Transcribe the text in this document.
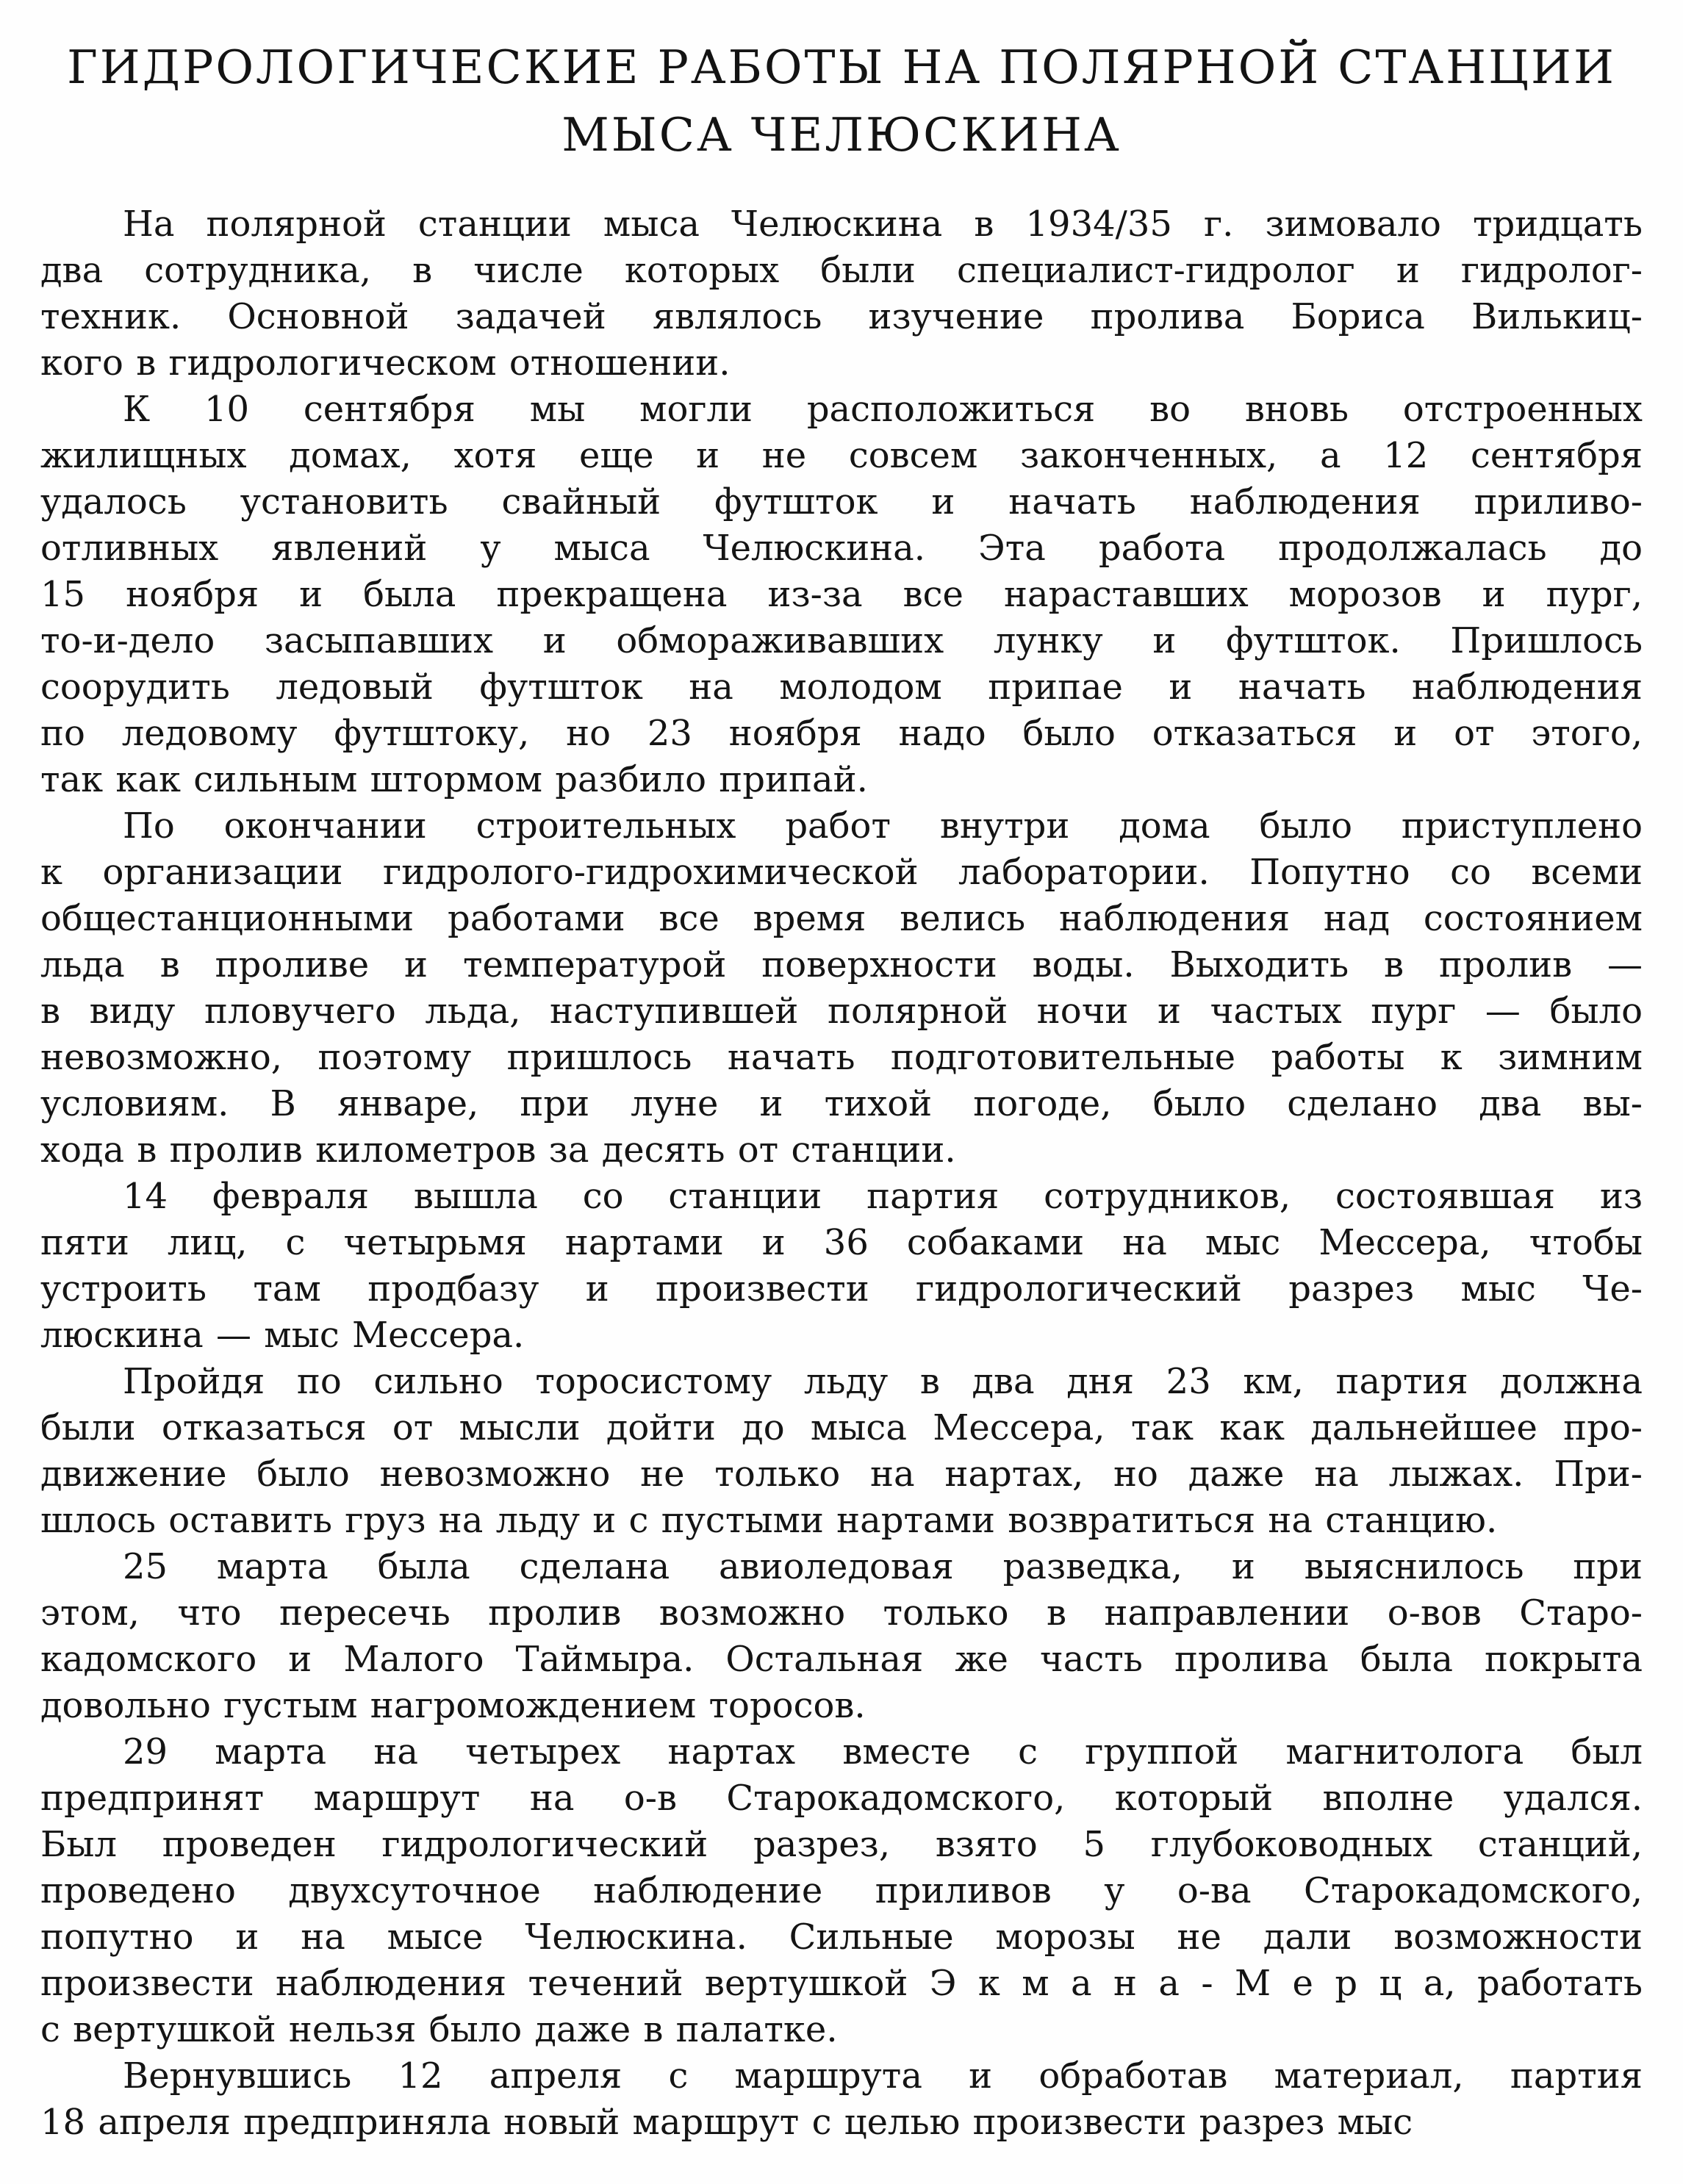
ГИДРОЛОГИЧЕСКИЕ РАБОТЫ НА ПОЛЯРНОЙ СТАНЦИИ
МЫСА ЧЕЛЮСКИНА
На полярной станции мыса Челюскина в 1934/35 г. зимовало тридцать
два сотрудника, в числе которых были специалист-гидролог и гидролог-
техник. Основной задачей являлось изучение пролива Бориса Вилькиц-
кого в гидрологическом отношении.
К 10 сентября мы могли расположиться во вновь отстроенных
жилищных домах, хотя еще и не совсем законченных, а 12 сентября
удалось установить свайный футшток и начать наблюдения приливо-
отливных явлений у мыса Челюскина. Эта работа продолжалась до
15 ноября и была прекращена из-за все нараставших морозов и пург,
то-и-дело засыпавших и обмораживавших лунку и футшток. Пришлось
соорудить ледовый футшток на молодом припае и начать наблюдения
по ледовому футштоку, но 23 ноября надо было отказаться и от этого,
так как сильным штормом разбило припай.
По окончании строительных работ внутри дома было приступлено
к организации гидролого-гидрохимической лаборатории. Попутно со всеми
общестанционными работами все время велись наблюдения над состоянием
льда в проливе и температурой поверхности воды. Выходить в пролив —
в виду пловучего льда, наступившей полярной ночи и частых пург — было
невозможно, поэтому пришлось начать подготовительные работы к зимним
условиям. В январе, при луне и тихой погоде, было сделано два вы-
хода в пролив километров за десять от станции.
14 февраля вышла со станции партия сотрудников, состоявшая из
пяти лиц, с четырьмя нартами и 36 собаками на мыс Мессера, чтобы
устроить там продбазу и произвести гидрологический разрез мыс Че-
люскина — мыс Мессера.
Пройдя по сильно торосистому льду в два дня 23 км, партия должна
были отказаться от мысли дойти до мыса Мессера, так как дальнейшее про-
движение было невозможно не только на нартах, но даже на лыжах. При-
шлось оставить груз на льду и с пустыми нартами возвратиться на станцию.
25 марта была сделана авиоледовая разведка, и выяснилось при
этом, что пересечь пролив возможно только в направлении о-вов Старо-
кадомского и Малого Таймыра. Остальная же часть пролива была покрыта
довольно густым нагромождением торосов.
29 марта на четырех нартах вместе с группой магнитолога был
предпринят маршрут на о-в Старокадомского, который вполне удался.
Был проведен гидрологический разрез, взято 5 глубоководных станций,
проведено двухсуточное наблюдение приливов у о-ва Старокадомского,
попутно и на мысе Челюскина. Сильные морозы не дали возможности
произвести наблюдения течений вертушкой Э к м а н а - М е р ц а, работать
с вертушкой нельзя было даже в палатке.
Вернувшись 12 апреля с маршрута и обработав материал, партия
18 апреля предприняла новый маршрут с целью произвести разрез мыс
